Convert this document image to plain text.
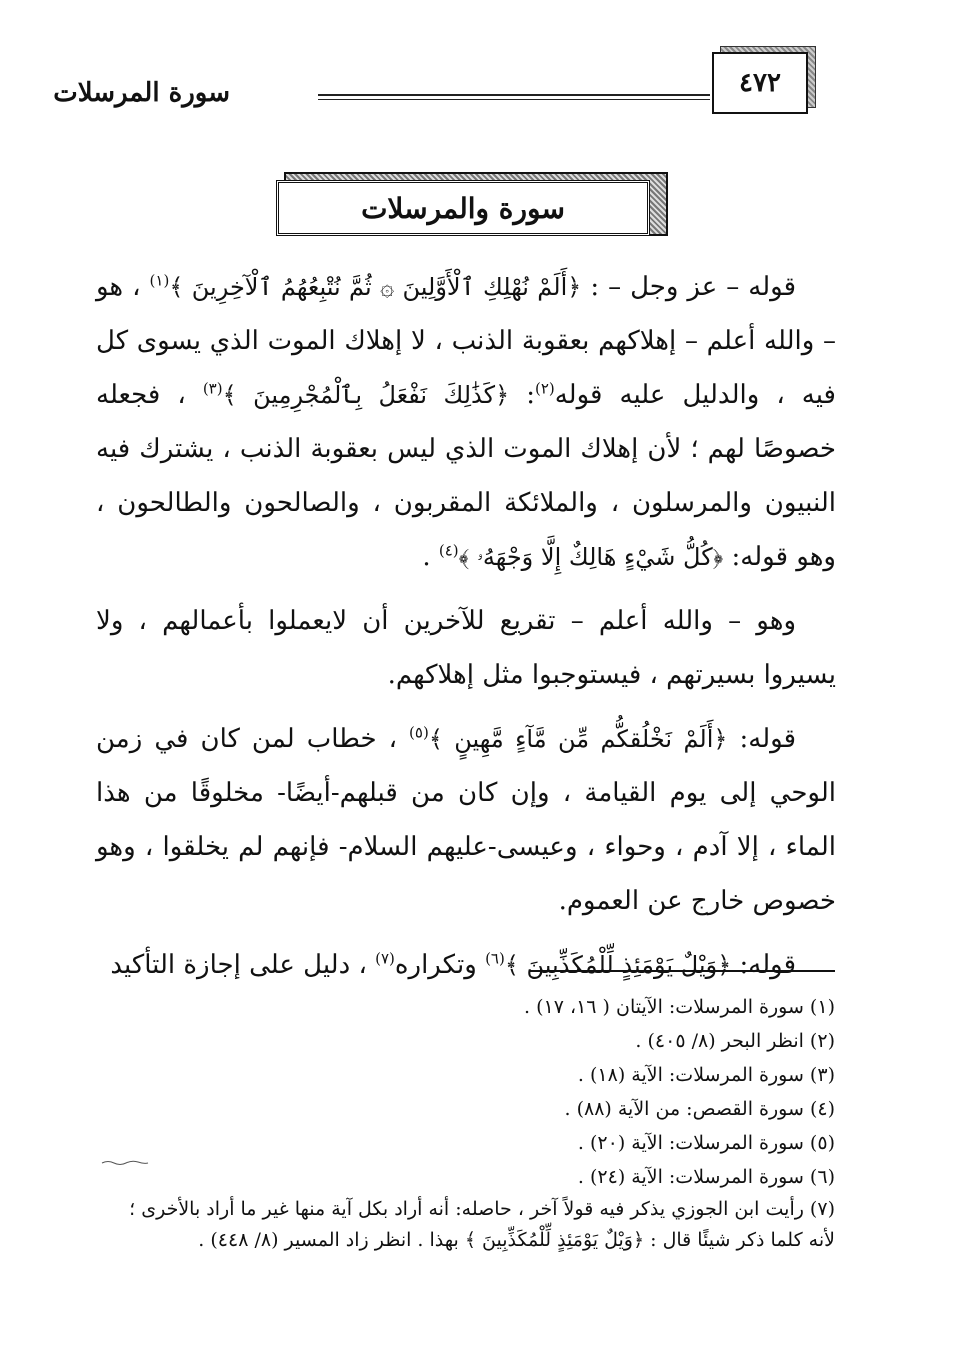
٤٧٢
سورة المرسلات
سورة والمرسلات

قوله – عز وجل – : ﴿أَلَمْ نُهْلِكِ ٱلْأَوَّلِينَ ۞ ثُمَّ نُتْبِعُهُمُ ٱلْآخِرِينَ ﴾$^{(١)}$ ، هو – والله أعلم – إهلاكهم بعقوبة الذنب ، لا إهلاك الموت الذي يسوى كل فيه ، والدليل عليه قوله$^{(٢)}$: ﴿كَذَٰلِكَ نَفْعَلُ بِٱلْمُجْرِمِينَ ﴾$^{(٣)}$ ، فجعله خصوصًا لهم ؛ لأن إهلاك الموت الذي ليس بعقوبة الذنب ، يشترك فيه النبيون والمرسلون ، والملائكة المقربون ، والصالحون والطالحون ، وهو قوله: ﴿كُلُّ شَيْءٍ هَالِكٌ إِلَّا وَجْهَهُۥ ﴾$^{(٤)}$ .

وهو – والله أعلم – تقريع للآخرين أن لايعملوا بأعمالهم ، ولا يسيروا بسيرتهم ، فيستوجبوا مثل إهلاكهم.

قوله: ﴿أَلَمْ نَخْلُقكُّم مِّن مَّآءٍ مَّهِينٍ ﴾$^{(٥)}$ ، خطاب لمن كان في زمن الوحي إلى يوم القيامة ، وإن كان من قبلهم-أيضًا- مخلوقًا من هذا الماء ، إلا آدم ، وحواء ، وعيسى-عليهم السلام- فإنهم لم يخلقوا ، وهو خصوص خارج عن العموم.

قوله: ﴿وَيْلٌ يَوْمَئِذٍ لِّلْمُكَذِّبِينَ ﴾$^{(٦)}$ وتكراره$^{(٧)}$ ، دليل على إجازة التأكيد

(١) سورة المرسلات: الآيتان ( ١٦، ١٧) .

(٢) انظر البحر (٨/ ٤٠٥) .

(٣) سورة المرسلات: الآية (١٨) .

(٤) سورة القصص: من الآية (٨٨) .

(٥) سورة المرسلات: الآية (٢٠) .

(٦) سورة المرسلات: الآية (٢٤) .

(٧) رأيت ابن الجوزي يذكر فيه قولاً آخر ، حاصله: أنه أراد بكل آية منها غير ما أراد بالأخرى ؛ لأنه كلما ذكر شيئًا قال : ﴿وَيْلٌ يَوْمَئِذٍ لِّلْمُكَذِّبِينَ ﴾ بهذا . انظر زاد المسير (٨/ ٤٤٨) .
